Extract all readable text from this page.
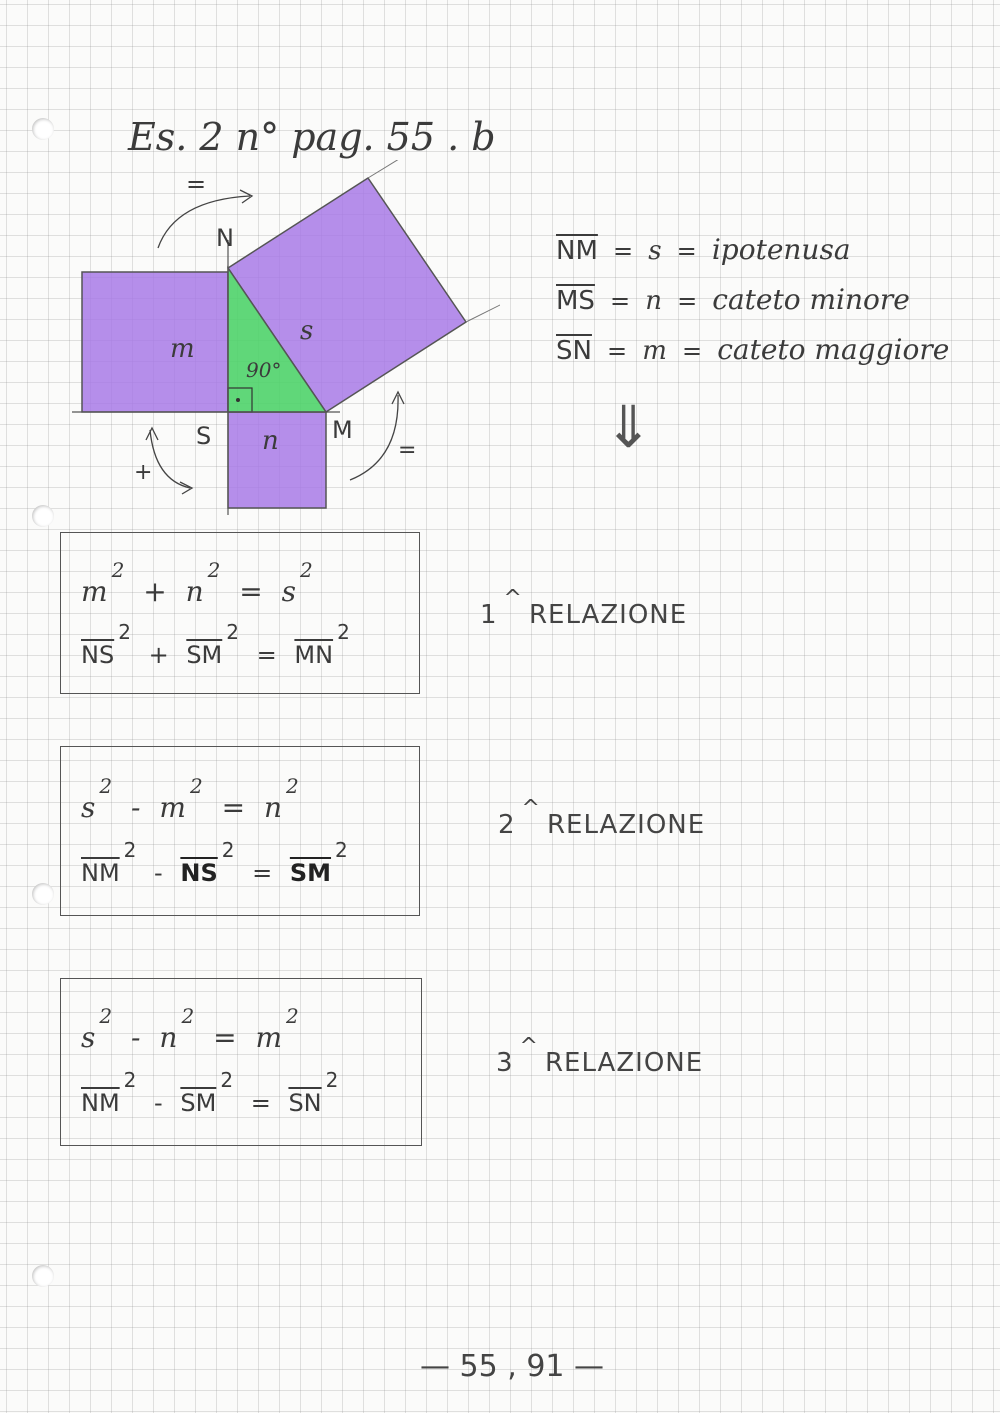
Es. 2 n° pag. 55 . b
N
S	M
m
n
s
90°
=
=
+
$\overline{NM} = s$ = ipotenusa
$\overline{MS} = n$ = cateto minore
$\overline{SN} = m$ = cateto maggiore
⇓
$m^2 + n^2 = s^2$
$\overline{NS}^2 + \overline{SM}^2 = \overline{MN}^2$
1^RELAZIONE
$s^2 - m^2 = n^2$
$\overline{NM}^2 - \overline{NS}^2 = \overline{SM}^2$
2^RELAZIONE
$s^2 - n^2 = m^2$
$\overline{NM}^2 - \overline{SM}^2 = \overline{SN}^2$
3^RELAZIONE
— 55 , 91 —
